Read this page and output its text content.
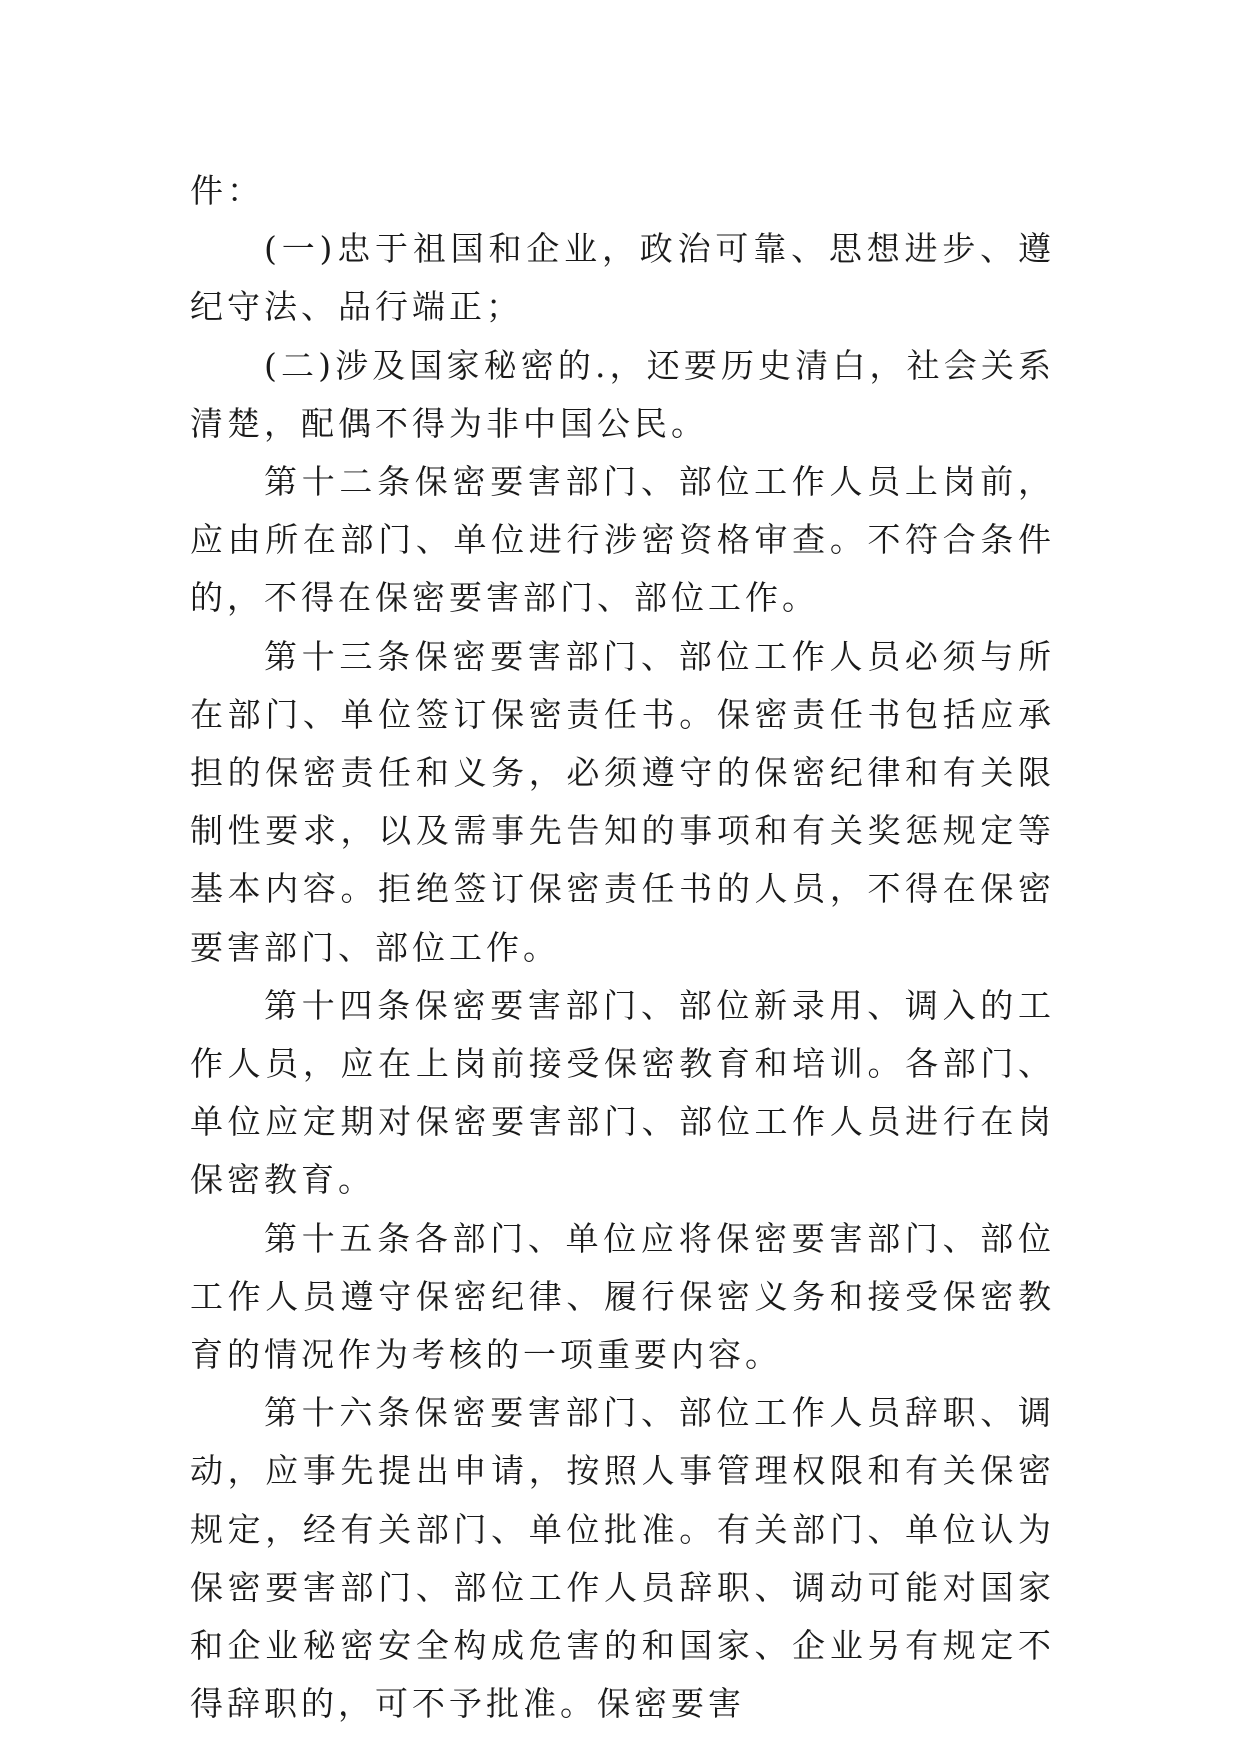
件：

(一)忠于祖国和企业，政治可靠、思想进步、遵纪守法、品行端正；

(二)涉及国家秘密的.，还要历史清白，社会关系清楚，配偶不得为非中国公民。

第十二条保密要害部门、部位工作人员上岗前，应由所在部门、单位进行涉密资格审查。不符合条件的，不得在保密要害部门、部位工作。

第十三条保密要害部门、部位工作人员必须与所在部门、单位签订保密责任书。保密责任书包括应承担的保密责任和义务，必须遵守的保密纪律和有关限制性要求，以及需事先告知的事项和有关奖惩规定等基本内容。拒绝签订保密责任书的人员，不得在保密要害部门、部位工作。

第十四条保密要害部门、部位新录用、调入的工作人员，应在上岗前接受保密教育和培训。各部门、单位应定期对保密要害部门、部位工作人员进行在岗保密教育。

第十五条各部门、单位应将保密要害部门、部位工作人员遵守保密纪律、履行保密义务和接受保密教育的情况作为考核的一项重要内容。

第十六条保密要害部门、部位工作人员辞职、调动，应事先提出申请，按照人事管理权限和有关保密规定，经有关部门、单位批准。有关部门、单位认为保密要害部门、部位工作人员辞职、调动可能对国家和企业秘密安全构成危害的和国家、企业另有规定不得辞职的，可不予批准。保密要害
